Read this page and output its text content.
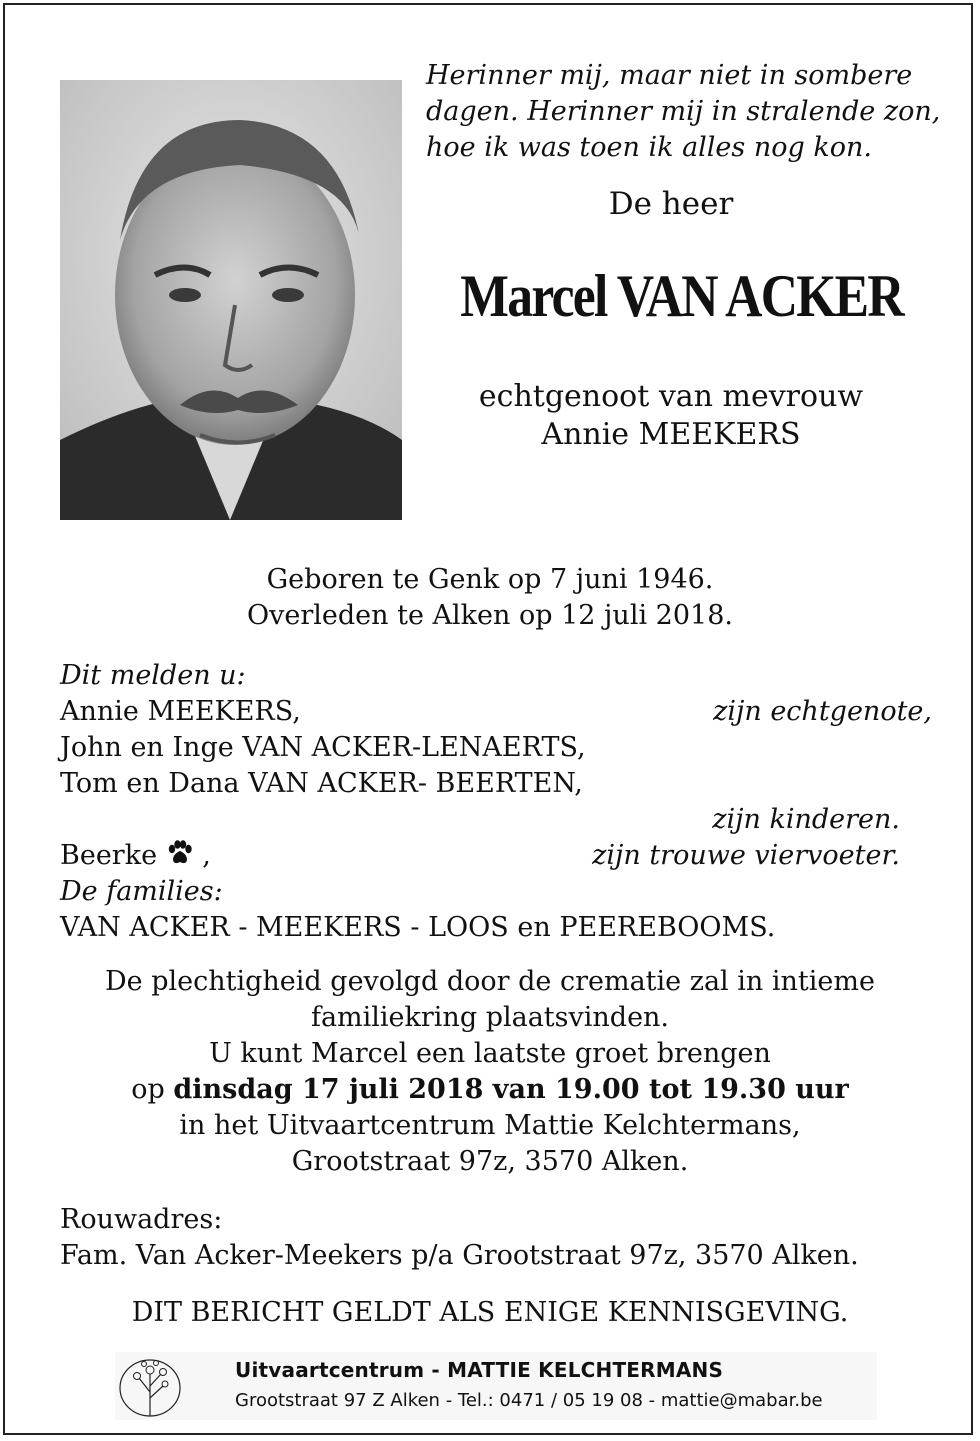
Herinner mij, maar niet in sombere
dagen. Herinner mij in stralende zon,
hoe ik was toen ik alles nog kon.
De heer
Marcel VAN ACKER
echtgenoot van mevrouw
Annie MEEKERS
Geboren te Genk op 7 juni 1946.
Overleden te Alken op 12 juli 2018.
Dit melden u:
Annie MEEKERS,	zijn echtgenote,
John en Inge VAN ACKER-LENAERTS,
Tom en Dana VAN ACKER- BEERTEN,
zijn kinderen.
Beerke  ,	zijn trouwe viervoeter.
De families:
VAN ACKER - MEEKERS - LOOS en PEEREBOOMS.
De plechtigheid gevolgd door de crematie zal in intieme
familiekring plaatsvinden.
U kunt Marcel een laatste groet brengen
op dinsdag 17 juli 2018 van 19.00 tot 19.30 uur
in het Uitvaartcentrum Mattie Kelchtermans,
Grootstraat 97z, 3570 Alken.
Rouwadres:
Fam. Van Acker-Meekers p/a Grootstraat 97z, 3570 Alken.
DIT BERICHT GELDT ALS ENIGE KENNISGEVING.
Uitvaartcentrum - MATTIE KELCHTERMANS
Grootstraat 97 Z Alken - Tel.: 0471 / 05 19 08 - mattie@mabar.be
